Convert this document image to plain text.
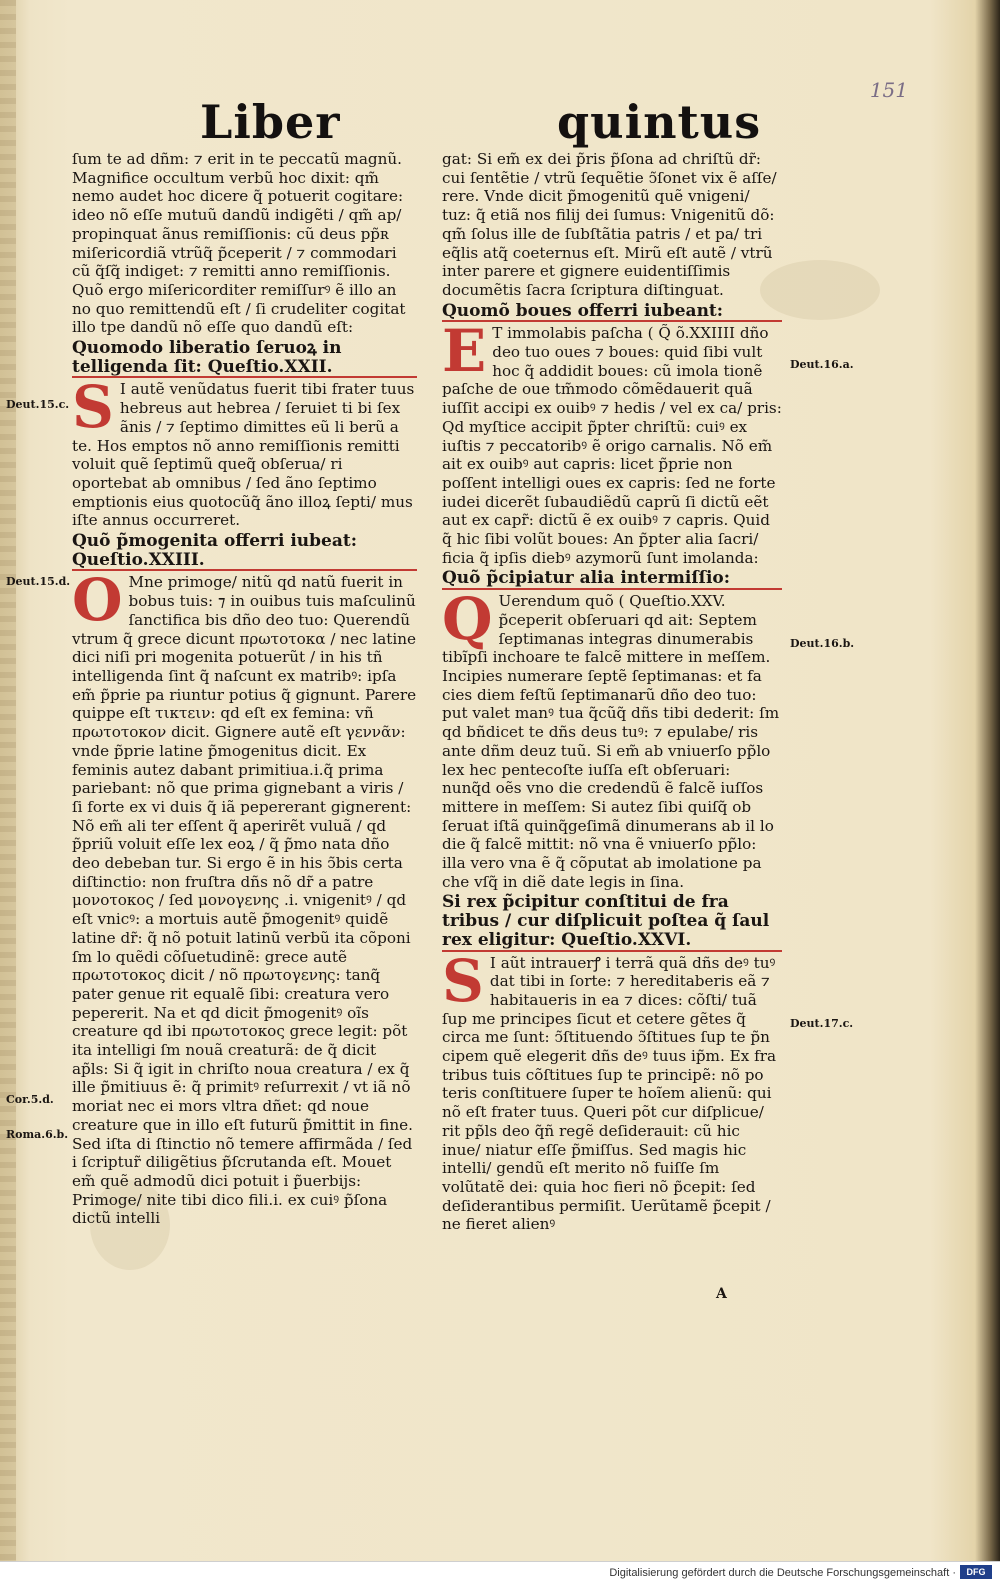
151
Liber	quintus

ſum te ad dñm: ⁊ erit in te peccatũ magnũ. Magnifice occultum verbũ hoc dixit: qm̃ nemo audet hoc dicere q̃ potuerit cogitare: ideo nõ eſſe mutuũ dandũ indigẽti / qm̃ ap/ propinquat ãnus remiſſionis: cũ deus pp̃ʀ miſericordiã vtrũq̃ p̃ceperit / ⁊ commodari cũ q̃ſq̃ indiget: ⁊ remitti anno remiſſionis. Quõ ergo miſericorditer remiſſurꝰ ẽ illo an no quo remittendũ eſt / ſi crudeliter cogitat illo tpe dandũ nõ eſſe quo dandũ eſt:

Quomodo liberatio ſeruoꝝ in telligenda ſit: Queſtio.XXII.

S I autẽ venũdatus fuerit tibi frater tuus hebreus aut hebrea / ſeruiet ti bi ſex ãnis / ⁊ ſeptimo dimittes eũ li berũ a te. Hos emptos nõ anno remiſſionis remitti voluit quẽ ſeptimũ queq̃ obſerua/ ri oportebat ab omnibus / ſed ãno ſeptimo emptionis eius quotocũq̃ ãno illoꝝ ſepti/ mus iſte annus occurreret.

Quõ p̃mogenita offerri iubeat: Queſtio.XXIII.

O Mne primoge/ nitũ qd natũ fuerit in bobus tuis: ⁊ in ouibus tuis maſculinũ ſanctifica bis dño deo tuo: Querendũ vtrum q̃ grece dicunt πρωτοτοκα / nec latine dici niſi pri mogenita potuerũt / in his tñ intelligenda ſint q̃ naſcunt ex matribꝰ: ipſa em̃ p̃prie pa riuntur potius q̃ gignunt. Parere quippe eſt τικτειν: qd eſt ex femina: vñ πρωτοτοκον dicit. Gignere autẽ eſt γεννᾶν: vnde p̃prie latine p̃mogenitus dicit. Ex feminis autez dabant primitiua.i.q̃ prima pariebant: nõ que prima gignebant a viris / ſi forte ex vi duis q̃ iã pepererant gignerent: Nõ em̃ ali ter eſſent q̃ aperirẽt vuluã / qd p̃priũ voluit eſſe lex eoꝝ / q̃ p̃mo nata dño deo debeban tur. Si ergo ẽ in his ↄ̃bis certa diſtinctio: non fruſtra dñs nõ dr̃ a patre μονοτοκος / ſed μονογενης .i. vnigenitꝰ / qd eſt vnicꝰ: a mortuis autẽ p̃mogenitꝰ quidẽ latine dr̃: q̃ nõ potuit latinũ verbũ ita cõponi ſm lo quẽdi cõſuetudinẽ: grece autẽ πρωτοτοκος dicit / nõ πρωτογενης: tanq̃ pater genue rit equalẽ ſibi: creatura vero pepererit. Na et qd dicit p̃mogenitꝰ oĩs creature qd ibi πρωτοτοκος grece legit: põt ita intelligi ſm nouã creaturã: de q̃ dicit ap̃ls: Si q̃ igit in chriſto noua creatura / ex q̃ ille p̃mitiuus ẽ: q̃ primitꝰ reſurrexit / vt iã nõ moriat nec ei mors vltra dñet: qd noue creature que in illo eſt futurũ p̃mittit in fine. Sed iſta di ſtinctio nõ temere affirmãda / ſed i ſcriptur̃ diligẽtius p̃ſcrutanda eſt. Mouet em̃ quẽ admodũ dici potuit i p̃uerbijs: Primoge/ nite tibi dico fili.i. ex cuiꝰ p̃ſona dictũ intelli

gat: Si em̃ ex dei p̃ris p̃ſona ad chriſtũ dr̃: cui ſentẽtie / vtrũ ſequẽtie ↄ̃ſonet vix ẽ aſſe/ rere. Vnde dicit p̃mogenitũ quẽ vnigeni/ tuz: q̃ etiã nos filij dei ſumus: Vnigenitũ dõ: qm̃ ſolus ille de ſubſtãtia patris / et pa/ tri eq̃lis atq̃ coeternus eſt. Mirũ eſt autẽ / vtrũ inter parere et gignere euidentiſſimis documẽtis ſacra ſcriptura diſtinguat.

Quomõ boues offerri iubeant:

E T immolabis paſcha ( Q̃ õ.XXIIII dño deo tuo oues ⁊ boues: quid ſibi vult hoc q̃ addidit boues: cũ imola tionẽ paſche de oue tm̃modo cõmẽdauerit quã iuſſit accipi ex ouibꝰ ⁊ hedis / vel ex ca/ pris: Qd myſtice accipit p̃pter chriſtũ: cuiꝰ ex iuſtis ⁊ peccatoribꝰ ẽ origo carnalis. Nõ em̃ ait ex ouibꝰ aut capris: licet p̃prie non poſſent intelligi oues ex capris: ſed ne forte iudei dicerẽt ſubaudiẽdũ caprũ ſi dictũ eẽt aut ex capr̃: dictũ ẽ ex ouibꝰ ⁊ capris. Quid q̃ hic ſibi volũt boues: An p̃pter alia ſacri/ ficia q̃ ipſis diebꝰ azymorũ ſunt imolanda:

Quõ p̃cipiatur alia intermiſſio:

Q Uerendum quõ ( Queſtio.XXV. p̃ceperit obſeruari qd ait: Septem ſeptimanas integras dinumerabis tibĩpſi inchoare te falcẽ mittere in meſſem. Incipies numerare ſeptẽ ſeptimanas: et fa cies diem feſtũ ſeptimanarũ dño deo tuo: put valet manꝰ tua q̃cũq̃ dñs tibi dederit: ſm qd bñdicet te dñs deus tuꝰ: ⁊ epulabe/ ris ante dñm deuz tuũ. Si em̃ ab vniuerſo pp̃lo lex hec pentecoſte iuſſa eſt obſeruari: nunq̃d oẽs vno die credendũ ẽ falcẽ iuſſos mittere in meſſem: Si autez ſibi quiſq̃ ob ſeruat iſtã quinq̃geſimã dinumerans ab il lo die q̃ falcẽ mittit: nõ vna ẽ vniuerſo pp̃lo: illa vero vna ẽ q̃ cõputat ab imolatione pa che vſq̃ in diẽ date legis in ſina.

Si rex p̃cipitur conſtitui de fra tribus / cur diſplicuit poſtea q̃ ſaul rex eligitur: Queſtio.XXVI.

S I aũt intrauerꝭ i terrã quã dñs deꝰ tuꝰ dat tibi in ſorte: ⁊ hereditaberis eã ⁊ habitaueris in ea ⁊ dices: cõſti/ tuã ſup me principes ſicut et cetere gẽtes q̃ circa me ſunt: ↄ̃ſtituendo ↄ̃ſtitues ſup te p̃n cipem quẽ elegerit dñs deꝰ tuus ip̃m. Ex fra tribus tuis cõſtitues ſup te principẽ: nõ po teris conſtituere ſuper te hoĩem alienũ: qui nõ eſt frater tuus. Queri põt cur diſplicue/ rit pp̃ls deo q̃ñ regẽ deſiderauit: cũ hic inue/ niatur eſſe p̃miſſus. Sed magis hic intelli/ gendũ eſt merito nõ fuiſſe ſm volũtatẽ dei: quia hoc fieri nõ p̃cepit: ſed deſiderantibus permiſit. Uerũtamẽ p̃cepit / ne fieret alienꝰ

Deut.15.c.
Deut.15.d.
Deut.16.a.
Deut.16.b.
Deut.17.c.
Cor.5.d.
Roma.6.b.
A
Digitalisierung gefördert durch die Deutsche Forschungsgemeinschaft ·	DFG
